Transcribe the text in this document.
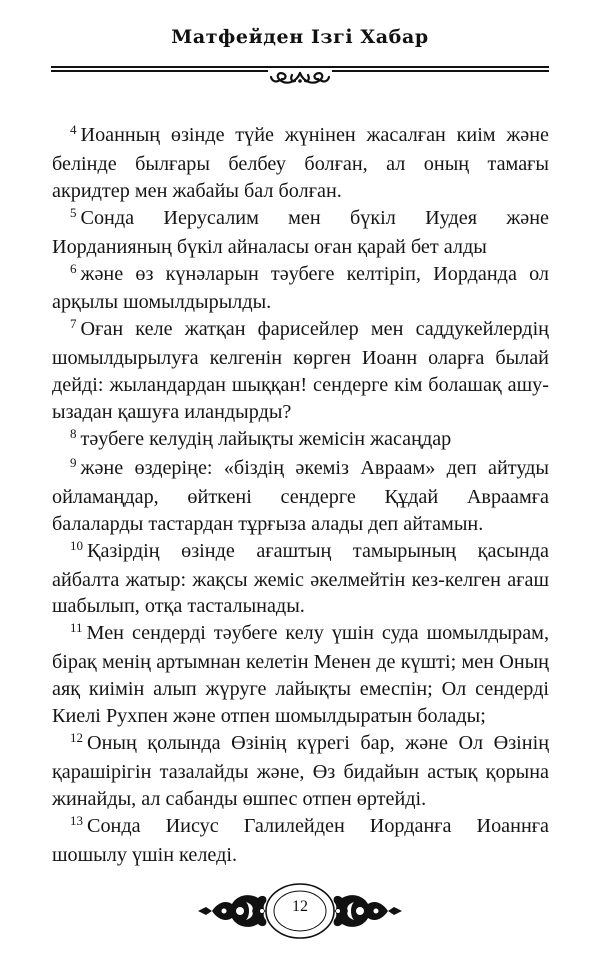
Матфейден Ізгі Хабар

$^4$ Иоанның өзінде түйе жүнінен жасалған киім және белінде былғары белбеу болған, ал оның тамағы акридтер мен жабайы бал болған.

$^5$ Сонда Иерусалим мен бүкіл Иудея және Иорданияның бүкіл айналасы оған қарай бет алды

$^6$ және өз күнәларын тәубеге келтіріп, Иорданда ол арқылы шомылдырылды.

$^7$ Оған келе жатқан фарисейлер мен саддукейлердің шомылдырылуға келгенін көрген Иоанн оларға былай дейді: жыландардан шыққан! сендерге кім болашақ ашу-ызадан қашуға иландырды?

$^8$ тәубеге келудің лайықты жемісін жасаңдар

$^9$ және өздеріңе: «біздің әкеміз Авраам» деп айтуды ойламаңдар, өйткені сендерге Құдай Авраамға балаларды тастардан тұрғыза алады деп айтамын.

$^{10}$ Қазірдің өзінде ағаштың тамырының қасында айбалта жатыр: жақсы жеміс әкелмейтін кез-келген ағаш шабылып, отқа тасталынады.

$^{11}$ Мен сендерді тәубеге келу үшін суда шомылдырам, бірақ менің артымнан келетін Менен де күшті; мен Оның аяқ киімін алып жүруге лайықты емеспін; Ол сендерді Киелі Рухпен және отпен шомылдыратын болады;

$^{12}$ Оның қолында Өзінің күрегі бар, және Ол Өзінің қарашірігін тазалайды және, Өз бидайын астық қорына жинайды, ал сабанды өшпес отпен өртейді.

$^{13}$ Сонда Иисус Галилейден Иорданға Иоаннға шошылу үшін келеді.

12
